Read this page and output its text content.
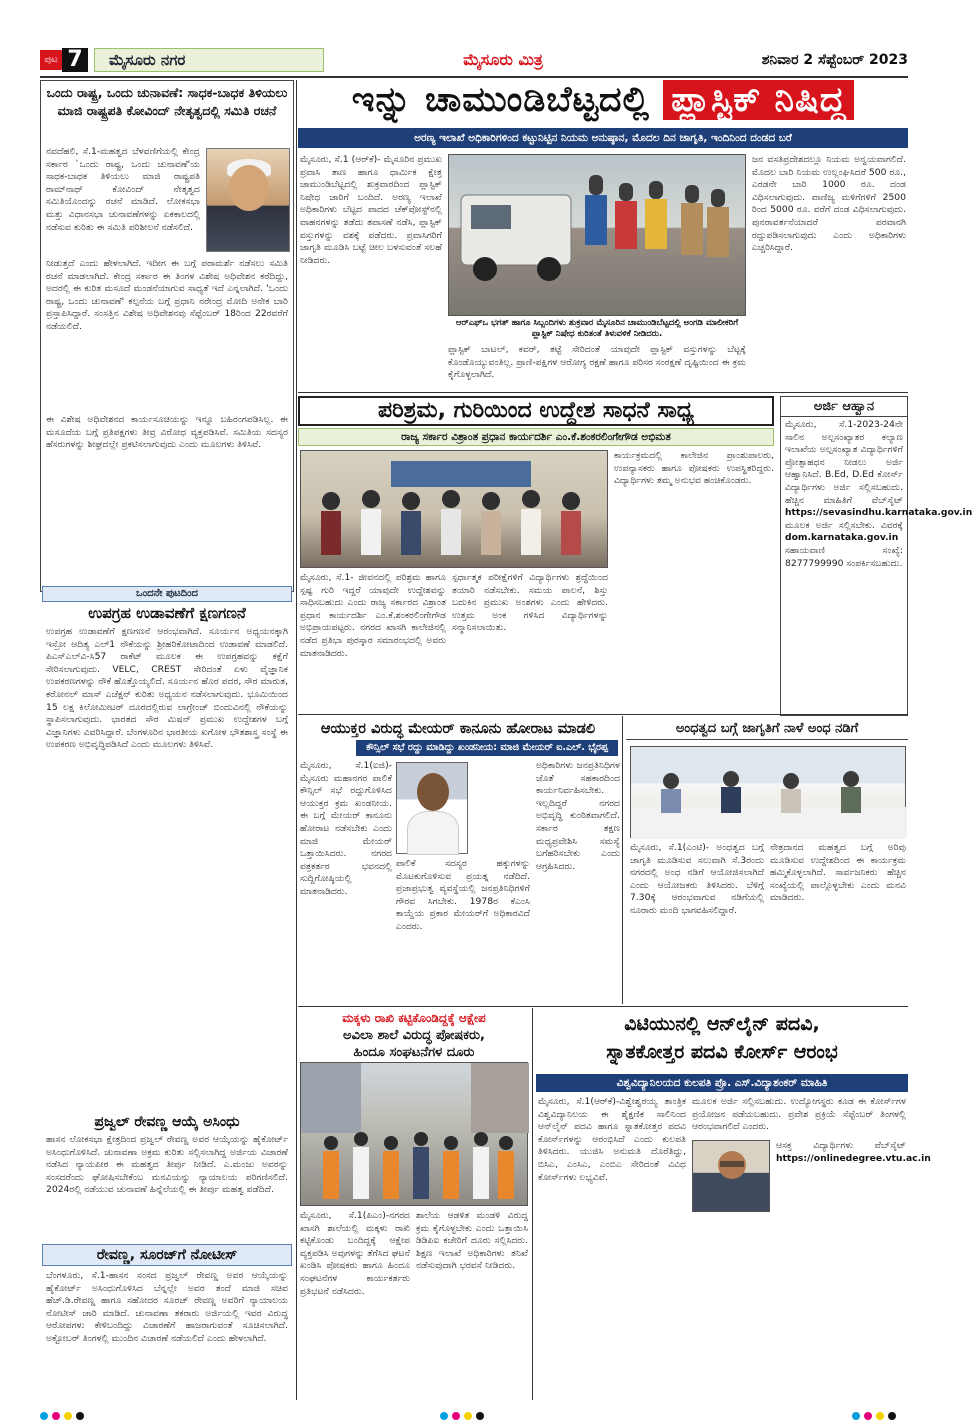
ಪುಟ 7	ಮೈಸೂರು ನಗರ	ಮೈಸೂರು ಮಿತ್ರ	ಶನಿವಾರ 2 ಸೆಪ್ಟೆಂಬರ್ 2023
ಒಂದು ರಾಷ್ಟ್ರ, ಒಂದು ಚುನಾವಣೆ: ಸಾಧಕ-ಬಾಧಕ ತಿಳಿಯಲು ಮಾಜಿ ರಾಷ್ಟ್ರಪತಿ ಕೋವಿಂದ್ ನೇತೃತ್ವದಲ್ಲಿ ಸಮಿತಿ ರಚನೆ

ನವದೆಹಲಿ, ಸೆ.1-ಮಹತ್ವದ ಬೆಳವಣಿಗೆಯಲ್ಲಿ ಕೇಂದ್ರ ಸರ್ಕಾರ `ಒಂದು ರಾಷ್ಟ್ರ, ಒಂದು ಚುನಾವಣೆ'ಯ ಸಾಧಕ-ಬಾಧಕ ತಿಳಿಯಲು ಮಾಜಿ ರಾಷ್ಟ್ರಪತಿ ರಾಮ್‌ನಾಥ್ ಕೋವಿಂದ್ ನೇತೃತ್ವದ ಸಮಿತಿಯೊಂದನ್ನು ರಚನೆ ಮಾಡಿದೆ. ಲೋಕಸಭಾ ಮತ್ತು ವಿಧಾನಸಭಾ ಚುನಾವಣೆಗಳನ್ನು ಏಕಕಾಲದಲ್ಲಿ ನಡೆಸುವ ಕುರಿತು ಈ ಸಮಿತಿ ಪರಿಶೀಲನೆ ನಡೆಸಲಿದೆ.

ನೀಡುತ್ತದೆ ಎಂದು ಹೇಳಲಾಗಿದೆ. ಇದೀಗ ಈ ಬಗ್ಗೆ ಪರಾಮರ್ಶೆ ನಡೆಸಲು ಸಮಿತಿ ರಚನೆ ಮಾಡಲಾಗಿದೆ. ಕೇಂದ್ರ ಸರ್ಕಾರ ಈ ತಿಂಗಳ ವಿಶೇಷ ಅಧಿವೇಶನ ಕರೆದಿದ್ದು, ಅದರಲ್ಲಿ ಈ ಕುರಿತ ಮಸೂದೆ ಮಂಡನೆಯಾಗುವ ಸಾಧ್ಯತೆ ಇದೆ ಎನ್ನಲಾಗಿದೆ. 'ಒಂದು ರಾಷ್ಟ್ರ, ಒಂದು ಚುನಾವಣೆ' ಕಲ್ಪನೆಯ ಬಗ್ಗೆ ಪ್ರಧಾನಿ ನರೇಂದ್ರ ಮೋದಿ ಅನೇಕ ಬಾರಿ ಪ್ರಸ್ತಾಪಿಸಿದ್ದಾರೆ. ಸಂಸತ್ತಿನ ವಿಶೇಷ ಅಧಿವೇಶನವು ಸೆಪ್ಟೆಂಬರ್ 18ರಿಂದ 22ರವರೆಗೆ ನಡೆಯಲಿದೆ.

ಈ ವಿಶೇಷ ಅಧಿವೇಶನದ ಕಾರ್ಯಸೂಚಿಯನ್ನು ಇನ್ನೂ ಬಹಿರಂಗಪಡಿಸಿಲ್ಲ. ಈ ಮಸೂದೆಯ ಬಗ್ಗೆ ಪ್ರತಿಪಕ್ಷಗಳು ತೀವ್ರ ವಿರೋಧ ವ್ಯಕ್ತಪಡಿಸಿವೆ. ಸಮಿತಿಯ ಸದಸ್ಯರ ಹೆಸರುಗಳನ್ನು ಶೀಘ್ರದಲ್ಲೇ ಪ್ರಕಟಿಸಲಾಗುವುದು ಎಂದು ಮೂಲಗಳು ತಿಳಿಸಿವೆ.

ಒಂದನೇ ಪುಟದಿಂದ
ಉಪಗ್ರಹ ಉಡಾವಣೆಗೆ ಕ್ಷಣಗಣನೆ

ಉಪಗ್ರಹ ಉಡಾವಣೆಗೆ ಕ್ಷಣಗಣನೆ ಆರಂಭವಾಗಿದೆ. ಸೂರ್ಯನ ಅಧ್ಯಯನಕ್ಕಾಗಿ ಇಸ್ರೋ ಆದಿತ್ಯ ಎಲ್1 ನೌಕೆಯನ್ನು ಶ್ರೀಹರಿಕೋಟಾದಿಂದ ಉಡಾವಣೆ ಮಾಡಲಿದೆ. ಪಿಎಸ್‌ಎಲ್‌ವಿ-ಸಿ57 ರಾಕೆಟ್ ಮೂಲಕ ಈ ಉಪಗ್ರಹವನ್ನು ಕಕ್ಷೆಗೆ ಸೇರಿಸಲಾಗುವುದು. VELC, CREST ಸೇರಿದಂತೆ ಏಳು ವೈಜ್ಞಾನಿಕ ಉಪಕರಣಗಳನ್ನು ನೌಕೆ ಹೊತ್ತೊಯ್ಯಲಿದೆ. ಸೂರ್ಯನ ಹೊರ ಪದರ, ಸೌರ ಮಾರುತ, ಕರೋನಲ್ ಮಾಸ್ ಎಜೆಕ್ಷನ್ ಕುರಿತು ಅಧ್ಯಯನ ನಡೆಸಲಾಗುವುದು. ಭೂಮಿಯಿಂದ 15 ಲಕ್ಷ ಕಿಲೋಮೀಟರ್ ದೂರದಲ್ಲಿರುವ ಲಾಗ್ರೇಂಜ್ ಬಿಂದುವಿನಲ್ಲಿ ನೌಕೆಯನ್ನು ಸ್ಥಾಪಿಸಲಾಗುವುದು. ಭಾರತದ ಸೌರ ಮಿಷನ್ ಪ್ರಮುಖ ಉದ್ದೇಶಗಳ ಬಗ್ಗೆ ವಿಜ್ಞಾನಿಗಳು ವಿವರಿಸಿದ್ದಾರೆ. ಬೆಂಗಳೂರಿನ ಭಾರತೀಯ ಖಗೋಳ ಭೌತಶಾಸ್ತ್ರ ಸಂಸ್ಥೆ ಈ ಉಪಕರಣ ಅಭಿವೃದ್ಧಿಪಡಿಸಿದೆ ಎಂದು ಮೂಲಗಳು ತಿಳಿಸಿವೆ.

ಪ್ರಜ್ವಲ್ ರೇವಣ್ಣ ಆಯ್ಕೆ ಅಸಿಂಧು

ಹಾಸನ ಲೋಕಸಭಾ ಕ್ಷೇತ್ರದಿಂದ ಪ್ರಜ್ವಲ್ ರೇವಣ್ಣ ಅವರ ಆಯ್ಕೆಯನ್ನು ಹೈಕೋರ್ಟ್ ಅಸಿಂಧುಗೊಳಿಸಿದೆ. ಚುನಾವಣಾ ಅಕ್ರಮ ಕುರಿತು ಸಲ್ಲಿಸಲಾಗಿದ್ದ ಅರ್ಜಿಯ ವಿಚಾರಣೆ ನಡೆಸಿದ ನ್ಯಾಯಪೀಠ ಈ ಮಹತ್ವದ ತೀರ್ಪು ನೀಡಿದೆ. ಎ.ಮಂಜು ಅವರನ್ನು ಸಂಸದರೆಂದು ಘೋಷಿಸಬೇಕೆಂಬ ಮನವಿಯನ್ನು ನ್ಯಾಯಾಲಯ ಪರಿಗಣಿಸಲಿದೆ. 2024ರಲ್ಲಿ ನಡೆಯುವ ಚುನಾವಣೆ ಹಿನ್ನೆಲೆಯಲ್ಲಿ ಈ ತೀರ್ಪು ಮಹತ್ವ ಪಡೆದಿದೆ.

ರೇವಣ್ಣ, ಸೂರಜ್‌ಗೆ ನೋಟೀಸ್

ಬೆಂಗಳೂರು, ಸೆ.1-ಹಾಸನ ಸಂಸದ ಪ್ರಜ್ವಲ್ ರೇವಣ್ಣ ಅವರ ಆಯ್ಕೆಯನ್ನು ಹೈಕೋರ್ಟ್ ಅಸಿಂಧುಗೊಳಿಸಿದ ಬೆನ್ನಲ್ಲೇ ಅವರ ತಂದೆ ಮಾಜಿ ಸಚಿವ ಹೆಚ್.ಡಿ.ರೇವಣ್ಣ ಹಾಗೂ ಸಹೋದರ ಸೂರಜ್ ರೇವಣ್ಣ ಅವರಿಗೆ ನ್ಯಾಯಾಲಯ ನೋಟೀಸ್ ಜಾರಿ ಮಾಡಿದೆ. ಚುನಾವಣಾ ತಕರಾರು ಅರ್ಜಿಯಲ್ಲಿ ಇವರ ವಿರುದ್ಧ ಆರೋಪಗಳು ಕೇಳಿಬಂದಿದ್ದು ವಿಚಾರಣೆಗೆ ಹಾಜರಾಗುವಂತೆ ಸೂಚಿಸಲಾಗಿದೆ. ಅಕ್ಟೋಬರ್ ತಿಂಗಳಲ್ಲಿ ಮುಂದಿನ ವಿಚಾರಣೆ ನಡೆಯಲಿದೆ ಎಂದು ಹೇಳಲಾಗಿದೆ.

ಇನ್ನು ಚಾಮುಂಡಿಬೆಟ್ಟದಲ್ಲಿ ಪ್ಲಾಸ್ಟಿಕ್ ನಿಷಿದ್ಧ
ಅರಣ್ಯ ಇಲಾಖೆ ಅಧಿಕಾರಿಗಳಿಂದ ಕಟ್ಟುನಿಟ್ಟಿನ ನಿಯಮ ಅನುಷ್ಠಾನ, ಮೊದಲ ದಿನ ಜಾಗೃತಿ, ಇಂದಿನಿಂದ ದಂಡದ ಬರೆ

ಮೈಸೂರು, ಸೆ.1 (ಆರ್‌ಕೆ)- ಮೈಸೂರಿನ ಪ್ರಮುಖ ಪ್ರವಾಸಿ ತಾಣ ಹಾಗೂ ಧಾರ್ಮಿಕ ಕ್ಷೇತ್ರ ಚಾಮುಂಡಿಬೆಟ್ಟದಲ್ಲಿ ಶುಕ್ರವಾರದಿಂದ ಪ್ಲಾಸ್ಟಿಕ್ ನಿಷೇಧ ಜಾರಿಗೆ ಬಂದಿದೆ. ಅರಣ್ಯ ಇಲಾಖೆ ಅಧಿಕಾರಿಗಳು ಬೆಟ್ಟದ ಪಾದದ ಚೆಕ್‌ಪೋಸ್ಟ್‌ನಲ್ಲಿ ವಾಹನಗಳನ್ನು ತಡೆದು ತಪಾಸಣೆ ನಡೆಸಿ, ಪ್ಲಾಸ್ಟಿಕ್ ವಸ್ತುಗಳನ್ನು ವಶಕ್ಕೆ ಪಡೆದರು. ಪ್ರವಾಸಿಗರಿಗೆ ಜಾಗೃತಿ ಮೂಡಿಸಿ ಬಟ್ಟೆ ಚೀಲ ಬಳಸುವಂತೆ ಸಲಹೆ ನೀಡಿದರು.

ಆರ್‌ಎಫ್‌ಒ ಭಗತ್ ಹಾಗೂ ಸಿಬ್ಬಂದಿಗಳು ಶುಕ್ರವಾರ ಮೈಸೂರಿನ ಚಾಮುಂಡಿಬೆಟ್ಟದಲ್ಲಿ ಅಂಗಡಿ ಮಾಲೀಕರಿಗೆ ಪ್ಲಾಸ್ಟಿಕ್ ನಿಷೇಧ ಕುರಿತಂತೆ ತಿಳುವಳಿಕೆ ನೀಡಿದರು.

ಪ್ಲಾಸ್ಟಿಕ್ ಬಾಟಲ್, ಕವರ್, ತಟ್ಟೆ ಸೇರಿದಂತೆ ಯಾವುದೇ ಪ್ಲಾಸ್ಟಿಕ್ ವಸ್ತುಗಳನ್ನು ಬೆಟ್ಟಕ್ಕೆ ಕೊಂಡೊಯ್ಯುವಂತಿಲ್ಲ. ಪ್ರಾಣಿ-ಪಕ್ಷಿಗಳ ಆರೋಗ್ಯ ರಕ್ಷಣೆ ಹಾಗೂ ಪರಿಸರ ಸಂರಕ್ಷಣೆ ದೃಷ್ಟಿಯಿಂದ ಈ ಕ್ರಮ ಕೈಗೊಳ್ಳಲಾಗಿದೆ.

ಜನ ವಸತಿಪ್ರದೇಶದಲ್ಲೂ ನಿಯಮ ಅನ್ವಯವಾಗಲಿದೆ. ಮೊದಲ ಬಾರಿ ನಿಯಮ ಉಲ್ಲಂಘಿಸಿದರೆ 500 ರೂ., ಎರಡನೇ ಬಾರಿ 1000 ರೂ. ದಂಡ ವಿಧಿಸಲಾಗುವುದು. ವಾಣಿಜ್ಯ ಮಳಿಗೆಗಳಿಗೆ 2500 ರಿಂದ 5000 ರೂ. ವರೆಗೆ ದಂಡ ವಿಧಿಸಲಾಗುವುದು. ಪುನರಾವರ್ತನೆಯಾದರೆ ಪರವಾನಗಿ ರದ್ದುಪಡಿಸಲಾಗುವುದು ಎಂದು ಅಧಿಕಾರಿಗಳು ಎಚ್ಚರಿಸಿದ್ದಾರೆ.

ಪರಿಶ್ರಮ, ಗುರಿಯಿಂದ ಉದ್ದೇಶ ಸಾಧನೆ ಸಾಧ್ಯ
ರಾಜ್ಯ ಸರ್ಕಾರ ವಿಶ್ರಾಂತ ಪ್ರಧಾನ ಕಾರ್ಯದರ್ಶಿ ಎಂ.ಕೆ.ಶಂಕರಲಿಂಗೇಗೌಡ ಅಭಿಮತ

ಮೈಸೂರು, ಸೆ.1- ಜೀವನದಲ್ಲಿ ಪರಿಶ್ರಮ ಹಾಗೂ ಸ್ಪಷ್ಟ ಗುರಿ ಇದ್ದರೆ ಯಾವುದೇ ಉದ್ದೇಶವನ್ನು ಸಾಧಿಸಬಹುದು ಎಂದು ರಾಜ್ಯ ಸರ್ಕಾರದ ವಿಶ್ರಾಂತ ಪ್ರಧಾನ ಕಾರ್ಯದರ್ಶಿ ಎಂ.ಕೆ.ಶಂಕರಲಿಂಗೇಗೌಡ ಅಭಿಪ್ರಾಯಪಟ್ಟರು. ನಗರದ ಖಾಸಗಿ ಕಾಲೇಜಿನಲ್ಲಿ ನಡೆದ ಪ್ರತಿಭಾ ಪುರಸ್ಕಾರ ಸಮಾರಂಭದಲ್ಲಿ ಅವರು ಮಾತನಾಡಿದರು.

ಸ್ಪರ್ಧಾತ್ಮಕ ಪರೀಕ್ಷೆಗಳಿಗೆ ವಿದ್ಯಾರ್ಥಿಗಳು ಶ್ರದ್ಧೆಯಿಂದ ತಯಾರಿ ನಡೆಸಬೇಕು. ಸಮಯ ಪಾಲನೆ, ಶಿಸ್ತು ಬದುಕಿನ ಪ್ರಮುಖ ಅಂಶಗಳು ಎಂದು ಹೇಳಿದರು. ಉತ್ತಮ ಅಂಕ ಗಳಿಸಿದ ವಿದ್ಯಾರ್ಥಿಗಳನ್ನು ಸನ್ಮಾನಿಸಲಾಯಿತು.

ಕಾರ್ಯಕ್ರಮದಲ್ಲಿ ಕಾಲೇಜಿನ ಪ್ರಾಂಶುಪಾಲರು, ಉಪನ್ಯಾಸಕರು ಹಾಗೂ ಪೋಷಕರು ಉಪಸ್ಥಿತರಿದ್ದರು. ವಿದ್ಯಾರ್ಥಿಗಳು ತಮ್ಮ ಅನುಭವ ಹಂಚಿಕೊಂಡರು.

ಅರ್ಜಿ ಆಹ್ವಾನ

ಮೈಸೂರು, ಸೆ.1-2023-24ನೇ ಸಾಲಿನ ಅಲ್ಪಸಂಖ್ಯಾತರ ಕಲ್ಯಾಣ ಇಲಾಖೆಯ ಅಲ್ಪಸಂಖ್ಯಾತ ವಿದ್ಯಾರ್ಥಿಗಳಿಗೆ ಪ್ರೋತ್ಸಾಹಧನ ನೀಡಲು ಅರ್ಜಿ ಆಹ್ವಾನಿಸಿದೆ. B.Ed, D.Ed ಕೋರ್ಸ್ ವಿದ್ಯಾರ್ಥಿಗಳು ಅರ್ಜಿ ಸಲ್ಲಿಸಬಹುದು. ಹೆಚ್ಚಿನ ಮಾಹಿತಿಗೆ ವೆಬ್‌ಸೈಟ್ https://sevasindhu.karnataka.gov.in ಮೂಲಕ ಅರ್ಜಿ ಸಲ್ಲಿಸಬೇಕು. ವಿವರಕ್ಕೆ dom.karnataka.gov.in ಸಹಾಯವಾಣಿ ಸಂಖ್ಯೆ: 8277799990 ಸಂಪರ್ಕಿಸಬಹುದು.

ಆಯುಕ್ತರ ವಿರುದ್ಧ ಮೇಯರ್ ಕಾನೂನು ಹೋರಾಟ ಮಾಡಲಿ
ಕೌನ್ಸಿಲ್ ಸಭೆ ರದ್ದು ಮಾಡಿದ್ದು ಖಂಡನೀಯ: ಮಾಜಿ ಮೇಯರ್ ಐ.ಎಲ್. ಭೈರಪ್ಪ

ಮೈಸೂರು, ಸೆ.1(ಐಜಿ)-ಮೈಸೂರು ಮಹಾನಗರ ಪಾಲಿಕೆ ಕೌನ್ಸಿಲ್ ಸಭೆ ರದ್ದುಗೊಳಿಸಿದ ಆಯುಕ್ತರ ಕ್ರಮ ಖಂಡನೀಯ. ಈ ಬಗ್ಗೆ ಮೇಯರ್ ಕಾನೂನು ಹೋರಾಟ ನಡೆಸಬೇಕು ಎಂದು ಮಾಜಿ ಮೇಯರ್ ಒತ್ತಾಯಿಸಿದರು. ನಗರದ ಪತ್ರಕರ್ತರ ಭವನದಲ್ಲಿ ಸುದ್ದಿಗೋಷ್ಠಿಯಲ್ಲಿ ಮಾತನಾಡಿದರು.

ಪಾಲಿಕೆ ಸದಸ್ಯರ ಹಕ್ಕುಗಳನ್ನು ಮೊಟಕುಗೊಳಿಸುವ ಪ್ರಯತ್ನ ನಡೆದಿದೆ. ಪ್ರಜಾಪ್ರಭುತ್ವ ವ್ಯವಸ್ಥೆಯಲ್ಲಿ ಜನಪ್ರತಿನಿಧಿಗಳಿಗೆ ಗೌರವ ಸಿಗಬೇಕು. 1978ರ ಕೆಎಂಸಿ ಕಾಯ್ದೆಯ ಪ್ರಕಾರ ಮೇಯರ್‌ಗೆ ಅಧಿಕಾರವಿದೆ ಎಂದರು.

ಅಧಿಕಾರಿಗಳು ಜನಪ್ರತಿನಿಧಿಗಳ ಜೊತೆ ಸಹಕಾರದಿಂದ ಕಾರ್ಯನಿರ್ವಹಿಸಬೇಕು. ಇಲ್ಲದಿದ್ದರೆ ನಗರದ ಅಭಿವೃದ್ಧಿ ಕುಂಠಿತವಾಗಲಿದೆ. ಸರ್ಕಾರ ತಕ್ಷಣ ಮಧ್ಯಪ್ರವೇಶಿಸಿ ಸಮಸ್ಯೆ ಬಗೆಹರಿಸಬೇಕು ಎಂದು ಆಗ್ರಹಿಸಿದರು.

ಅಂಧತ್ವದ ಬಗ್ಗೆ ಜಾಗೃತಿಗೆ ನಾಳೆ ಅಂಧ ನಡಿಗೆ

ಮೈಸೂರು, ಸೆ.1(ಎಂಟಿ)- ಅಂಧತ್ವದ ಬಗ್ಗೆ ಜಾಗೃತಿ ಮೂಡಿಸುವ ಸಲುವಾಗಿ ಸೆ.3ರಂದು ನಗರದಲ್ಲಿ ಅಂಧ ನಡಿಗೆ ಆಯೋಜಿಸಲಾಗಿದೆ ಎಂದು ಆಯೋಜಕರು ತಿಳಿಸಿದರು. ಬೆಳಿಗ್ಗೆ 7.30ಕ್ಕೆ ಆರಂಭವಾಗುವ ನಡಿಗೆಯಲ್ಲಿ ನೂರಾರು ಮಂದಿ ಭಾಗವಹಿಸಲಿದ್ದಾರೆ.

ನೇತ್ರದಾನದ ಮಹತ್ವದ ಬಗ್ಗೆ ಅರಿವು ಮೂಡಿಸುವ ಉದ್ದೇಶದಿಂದ ಈ ಕಾರ್ಯಕ್ರಮ ಹಮ್ಮಿಕೊಳ್ಳಲಾಗಿದೆ. ಸಾರ್ವಜನಿಕರು ಹೆಚ್ಚಿನ ಸಂಖ್ಯೆಯಲ್ಲಿ ಪಾಲ್ಗೊಳ್ಳಬೇಕು ಎಂದು ಮನವಿ ಮಾಡಿದರು.

ಮಕ್ಕಳು ರಾಖಿ ಕಟ್ಟಿಕೊಂಡಿದ್ದಕ್ಕೆ ಆಕ್ಷೇಪ
ಅವಿಲಾ ಶಾಲೆ ವಿರುದ್ಧ ಪೋಷಕರು,
ಹಿಂದೂ ಸಂಘಟನೆಗಳ ದೂರು

ಮೈಸೂರು, ಸೆ.1(ಪಿಎಂ)-ನಗರದ ಖಾಸಗಿ ಶಾಲೆಯಲ್ಲಿ ಮಕ್ಕಳು ರಾಖಿ ಕಟ್ಟಿಕೊಂಡು ಬಂದಿದ್ದಕ್ಕೆ ಆಕ್ಷೇಪ ವ್ಯಕ್ತಪಡಿಸಿ ಅವುಗಳನ್ನು ತೆಗೆಸಿದ ಘಟನೆ ಖಂಡಿಸಿ ಪೋಷಕರು ಹಾಗೂ ಹಿಂದೂ ಸಂಘಟನೆಗಳ ಕಾರ್ಯಕರ್ತರು ಪ್ರತಿಭಟನೆ ನಡೆಸಿದರು.

ಶಾಲೆಯ ಆಡಳಿತ ಮಂಡಳಿ ವಿರುದ್ಧ ಕ್ರಮ ಕೈಗೊಳ್ಳಬೇಕು ಎಂದು ಒತ್ತಾಯಿಸಿ ಡಿಡಿಪಿಐ ಕಚೇರಿಗೆ ದೂರು ಸಲ್ಲಿಸಿದರು. ಶಿಕ್ಷಣ ಇಲಾಖೆ ಅಧಿಕಾರಿಗಳು ತನಿಖೆ ನಡೆಸುವುದಾಗಿ ಭರವಸೆ ನೀಡಿದರು.

ವಿಟಿಯುನಲ್ಲಿ ಆನ್‌ಲೈನ್ ಪದವಿ,
ಸ್ನಾತಕೋತ್ತರ ಪದವಿ ಕೋರ್ಸ್ ಆರಂಭ
ವಿಶ್ವವಿದ್ಯಾನಿಲಯದ ಕುಲಪತಿ ಪ್ರೊ. ಎಸ್.ವಿದ್ಯಾಶಂಕರ್ ಮಾಹಿತಿ

ಮೈಸೂರು, ಸೆ.1(ಆರ್‌ಕೆ)-ವಿಶ್ವೇಶ್ವರಯ್ಯ ತಾಂತ್ರಿಕ ವಿಶ್ವವಿದ್ಯಾನಿಲಯ ಈ ಶೈಕ್ಷಣಿಕ ಸಾಲಿನಿಂದ ಆನ್‌ಲೈನ್ ಪದವಿ ಹಾಗೂ ಸ್ನಾತಕೋತ್ತರ ಪದವಿ ಕೋರ್ಸ್‌ಗಳನ್ನು ಆರಂಭಿಸಿದೆ ಎಂದು ಕುಲಪತಿ ತಿಳಿಸಿದರು. ಯುಜಿಸಿ ಅನುಮತಿ ದೊರೆತಿದ್ದು, ಬಿಸಿಎ, ಎಂಸಿಎ, ಎಂಬಿಎ ಸೇರಿದಂತೆ ವಿವಿಧ ಕೋರ್ಸ್‌ಗಳು ಲಭ್ಯವಿವೆ.

ಮೂಲಕ ಅರ್ಜಿ ಸಲ್ಲಿಸಬಹುದು. ಉದ್ಯೋಗಸ್ಥರು ಕೂಡ ಈ ಕೋರ್ಸ್‌ಗಳ ಪ್ರಯೋಜನ ಪಡೆಯಬಹುದು. ಪ್ರವೇಶ ಪ್ರಕ್ರಿಯೆ ಸೆಪ್ಟೆಂಬರ್ ತಿಂಗಳಲ್ಲಿ ಆರಂಭವಾಗಲಿದೆ ಎಂದರು.

ಆಸಕ್ತ ವಿದ್ಯಾರ್ಥಿಗಳು ವೆಬ್‌ಸೈಟ್ https://onlinedegree.vtu.ac.in
